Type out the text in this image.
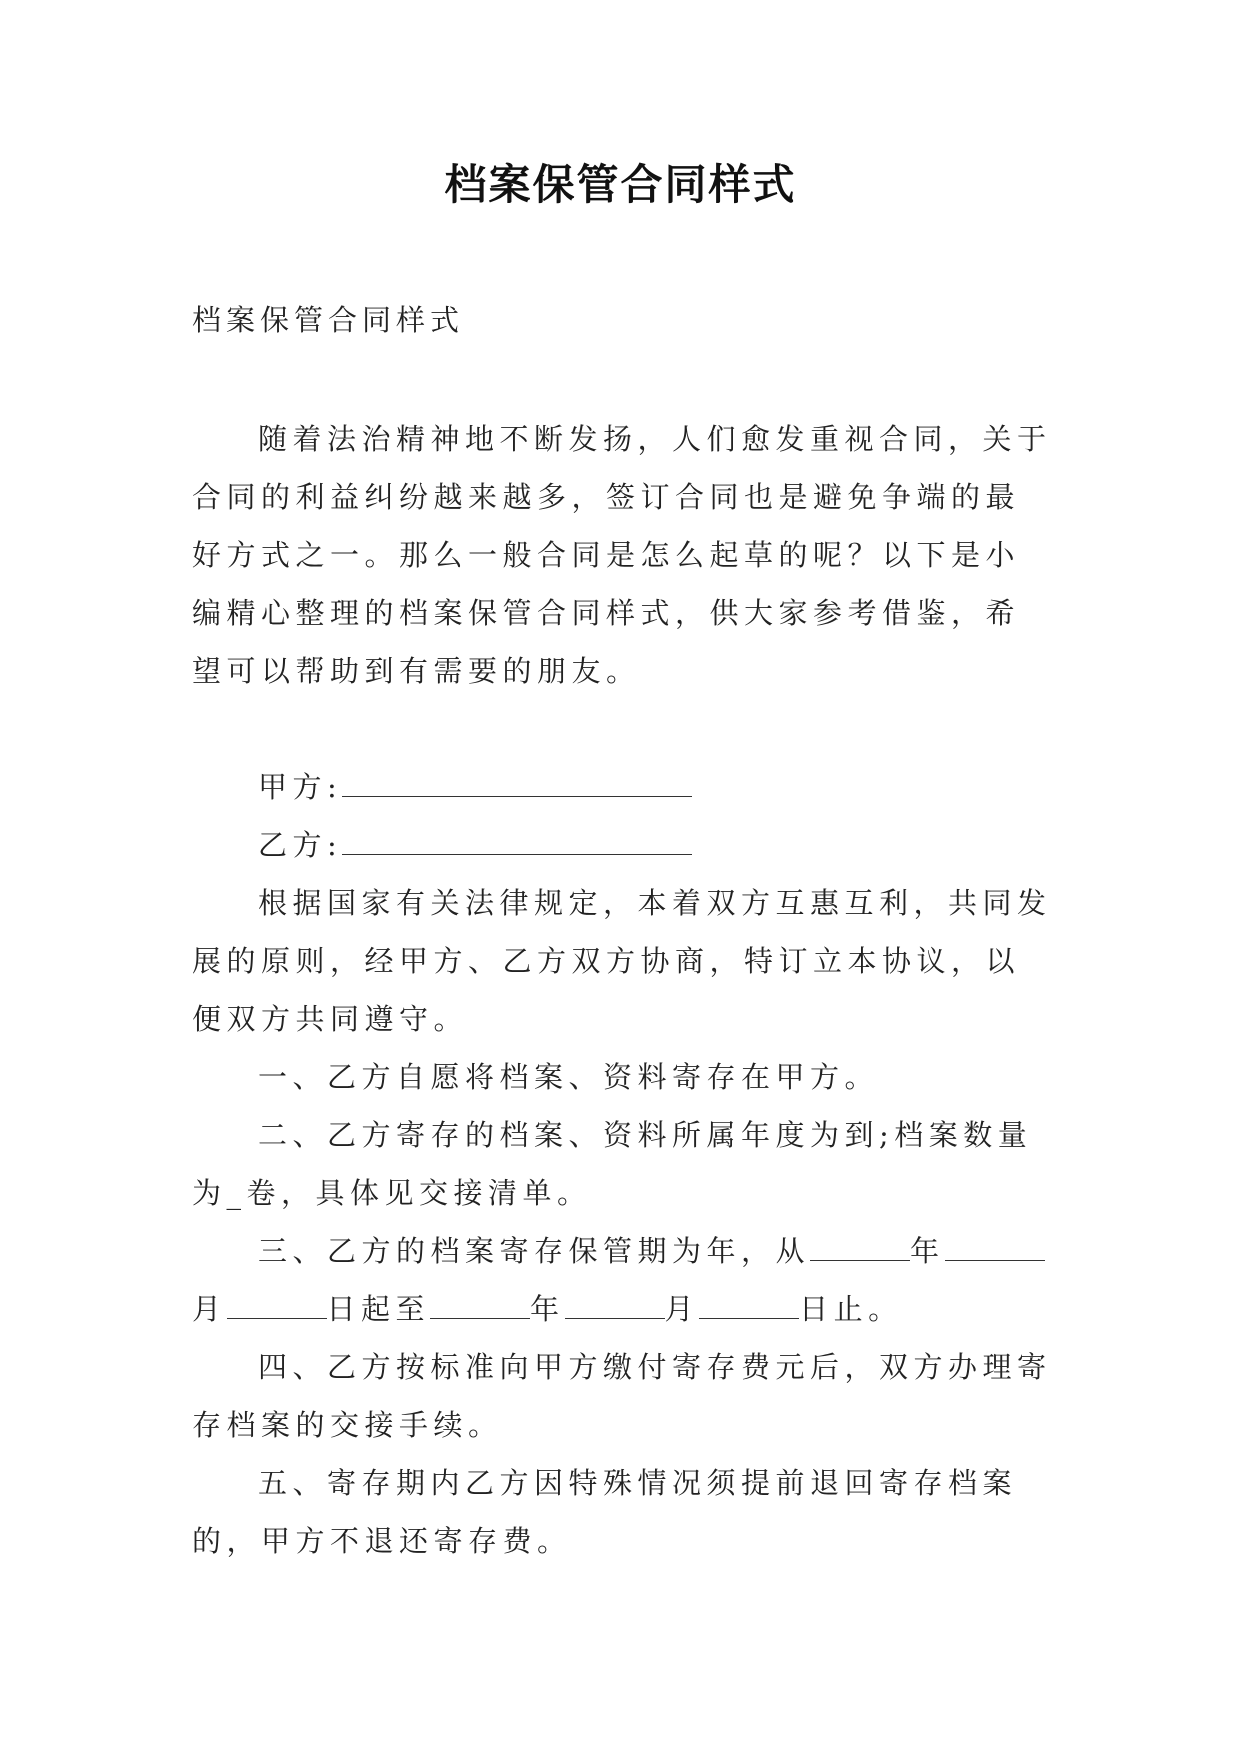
档案保管合同样式
档案保管合同样式

随着法治精神地不断发扬，人们愈发重视合同，关于合同的利益纠纷越来越多，签订合同也是避免争端的最好方式之一。那么一般合同是怎么起草的呢？以下是小编精心整理的档案保管合同样式，供大家参考借鉴，希望可以帮助到有需要的朋友。

甲方:

乙方:

根据国家有关法律规定，本着双方互惠互利，共同发展的原则，经甲方、乙方双方协商，特订立本协议，以便双方共同遵守。

一、乙方自愿将档案、资料寄存在甲方。

二、乙方寄存的档案、资料所属年度为到;档案数量为_卷，具体见交接清单。

三、乙方的档案寄存保管期为年，从	年月	日起至	年	月	日止。

四、乙方按标准向甲方缴付寄存费元后，双方办理寄存档案的交接手续。

五、寄存期内乙方因特殊情况须提前退回寄存档案的，甲方不退还寄存费。
